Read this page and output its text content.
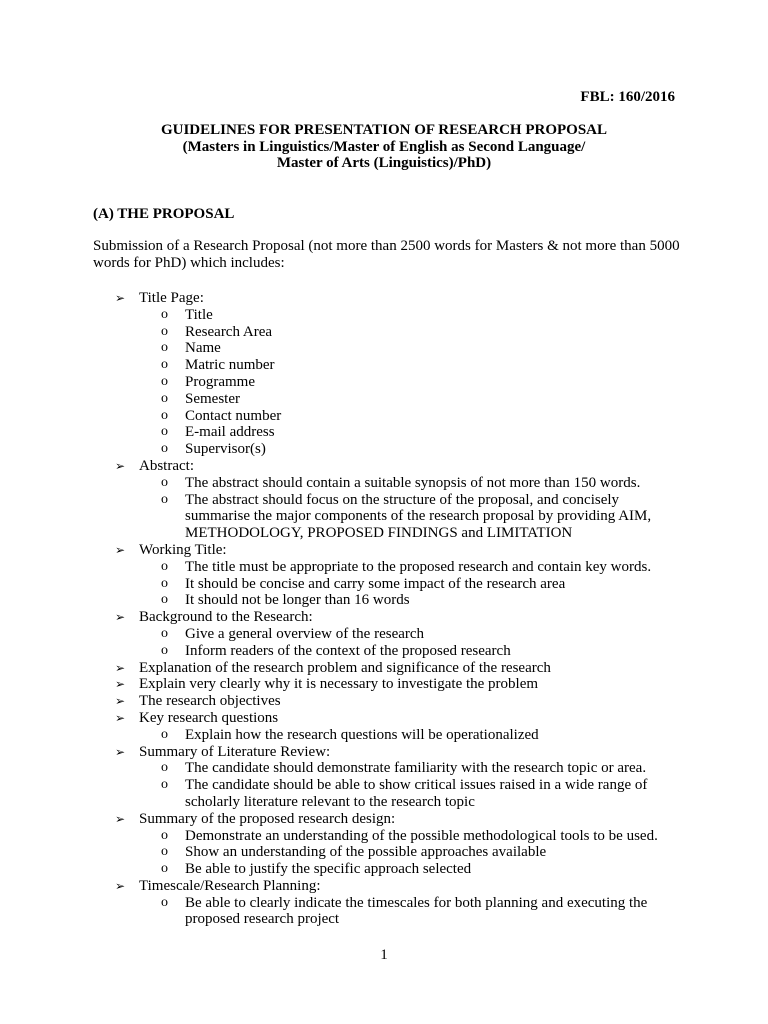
FBL: 160/2016
GUIDELINES FOR PRESENTATION OF RESEARCH PROPOSAL
(Masters in Linguistics/Master of English as Second Language/
Master of Arts (Linguistics)/PhD)
(A) THE PROPOSAL
Submission of a Research Proposal (not more than 2500 words for Masters & not more than 5000 words for PhD) which includes:
➢ Title Page:
o Title
o Research Area
o Name
o Matric number
o Programme
o Semester
o Contact number
o E-mail address
o Supervisor(s)
➢ Abstract:
o The abstract should contain a suitable synopsis of not more than 150 words.
o The abstract should focus on the structure of the proposal, and concisely summarise the major components of the research proposal by providing AIM, METHODOLOGY, PROPOSED FINDINGS and LIMITATION
➢ Working Title:
o The title must be appropriate to the proposed research and contain key words.
o It should be concise and carry some impact of the research area
o It should not be longer than 16 words
➢ Background to the Research:
o Give a general overview of the research
o Inform readers of the context of the proposed research
➢ Explanation of the research problem and significance of the research
➢ Explain very clearly why it is necessary to investigate the problem
➢ The research objectives
➢ Key research questions
o Explain how the research questions will be operationalized
➢ Summary of Literature Review:
o The candidate should demonstrate familiarity with the research topic or area.
o The candidate should be able to show critical issues raised in a wide range of scholarly literature relevant to the research topic
➢ Summary of the proposed research design:
o Demonstrate an understanding of the possible methodological tools to be used.
o Show an understanding of the possible approaches available
o Be able to justify the specific approach selected
➢ Timescale/Research Planning:
o Be able to clearly indicate the timescales for both planning and executing the proposed research project
1
